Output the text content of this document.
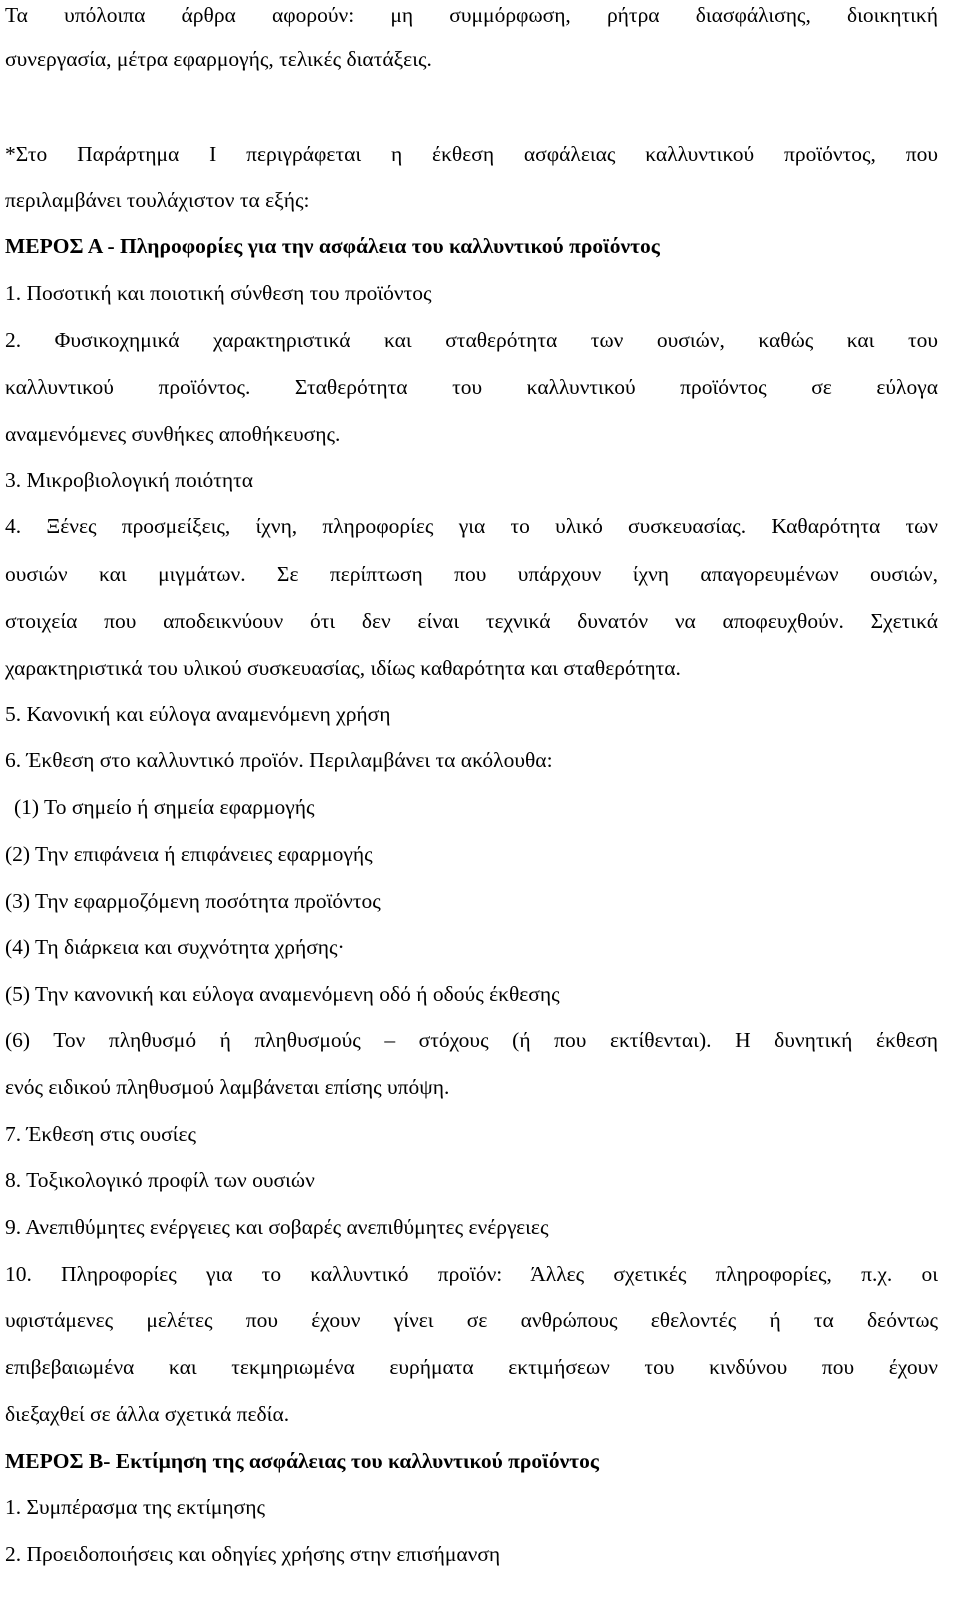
Τα υπόλοιπα άρθρα αφορούν: μη συμμόρφωση, ρήτρα διασφάλισης, διοικητική
συνεργασία, μέτρα εφαρμογής, τελικές διατάξεις.
*Στο Παράρτημα Ι περιγράφεται η έκθεση ασφάλειας καλλυντικού προϊόντος, που
περιλαμβάνει τουλάχιστον τα εξής:
ΜΕΡΟΣ Α - Πληροφορίες για την ασφάλεια του καλλυντικού προϊόντος
1. Ποσοτική και ποιοτική σύνθεση του προϊόντος
2. Φυσικοχημικά χαρακτηριστικά και σταθερότητα των ουσιών, καθώς και του
καλλυντικού προϊόντος. Σταθερότητα του καλλυντικού προϊόντος σε εύλογα
αναμενόμενες συνθήκες αποθήκευσης.
3. Μικροβιολογική ποιότητα
4. Ξένες προσμείξεις, ίχνη, πληροφορίες για το υλικό συσκευασίας. Καθαρότητα των
ουσιών και μιγμάτων. Σε περίπτωση που υπάρχουν ίχνη απαγορευμένων ουσιών,
στοιχεία που αποδεικνύουν ότι δεν είναι τεχνικά δυνατόν να αποφευχθούν. Σχετικά
χαρακτηριστικά του υλικού συσκευασίας, ιδίως καθαρότητα και σταθερότητα.
5. Κανονική και εύλογα αναμενόμενη χρήση
6. Έκθεση στο καλλυντικό προϊόν. Περιλαμβάνει τα ακόλουθα:
(1) Το σημείο ή σημεία εφαρμογής
(2) Την επιφάνεια ή επιφάνειες εφαρμογής
(3) Την εφαρμοζόμενη ποσότητα προϊόντος
(4) Τη διάρκεια και συχνότητα χρήσης·
(5) Την κανονική και εύλογα αναμενόμενη οδό ή οδούς έκθεσης
(6) Τον πληθυσμό ή πληθυσμούς – στόχους (ή που εκτίθενται). Η δυνητική έκθεση
ενός ειδικού πληθυσμού λαμβάνεται επίσης υπόψη.
7. Έκθεση στις ουσίες
8. Τοξικολογικό προφίλ των ουσιών
9. Ανεπιθύμητες ενέργειες και σοβαρές ανεπιθύμητες ενέργειες
10. Πληροφορίες για το καλλυντικό προϊόν: Άλλες σχετικές πληροφορίες, π.χ. οι
υφιστάμενες μελέτες που έχουν γίνει σε ανθρώπους εθελοντές ή τα δεόντως
επιβεβαιωμένα και τεκμηριωμένα ευρήματα εκτιμήσεων του κινδύνου που έχουν
διεξαχθεί σε άλλα σχετικά πεδία.
ΜΕΡΟΣ Β- Εκτίμηση της ασφάλειας του καλλυντικού προϊόντος
1. Συμπέρασμα της εκτίμησης
2. Προειδοποιήσεις και οδηγίες χρήσης στην επισήμανση
